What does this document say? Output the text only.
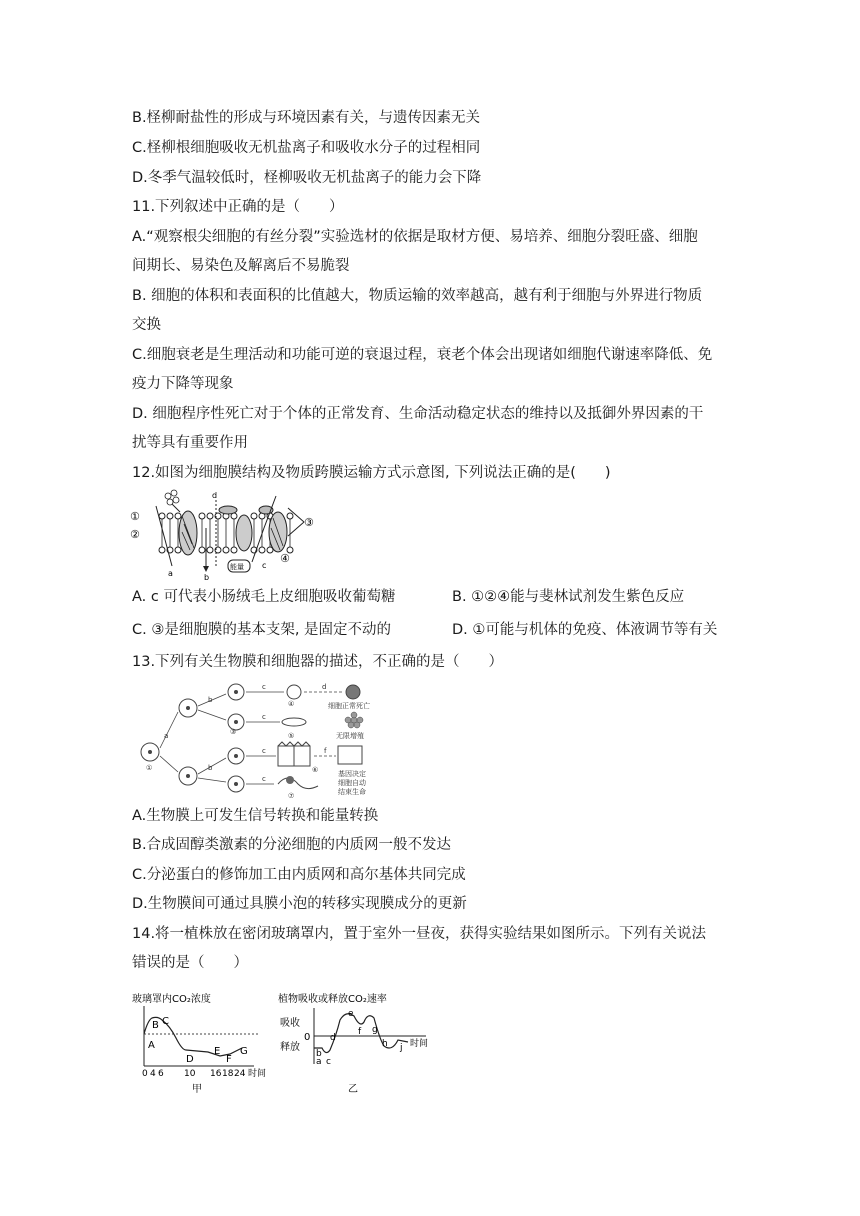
B.柽柳耐盐性的形成与环境因素有关，与遗传因素无关
C.柽柳根细胞吸收无机盐离子和吸收水分子的过程相同
D.冬季气温较低时，柽柳吸收无机盐离子的能力会下降
11.下列叙述中正确的是（　　）
A.“观察根尖细胞的有丝分裂”实验选材的依据是取材方便、易培养、细胞分裂旺盛、细胞
间期长、易染色及解离后不易脆裂
B. 细胞的体积和表面积的比值越大，物质运输的效率越高，越有利于细胞与外界进行物质
交换
C.细胞衰老是生理活动和功能可逆的衰退过程，衰老个体会出现诸如细胞代谢速率降低、免
疫力下降等现象
D. 细胞程序性死亡对于个体的正常发育、生命活动稳定状态的维持以及抵御外界因素的干
扰等具有重要作用
12.如图为细胞膜结构及物质跨膜运输方式示意图, 下列说法正确的是(　　)
①
②
③
④
a	b
c
d
能量
A. c 可代表小肠绒毛上皮细胞吸收葡萄糖	B. ①②④能与斐林试剂发生紫色反应
C. ③是细胞膜的基本支架, 是固定不动的	D. ①可能与机体的免疫、体液调节等有关
13.下列有关生物膜和细胞器的描述，不正确的是（　　）
①
④
⑤
⑥
⑦
③
b
b
a
c
c
c
c
d
f
细胞正常死亡
无限增殖
基因决定
细胞自动
结束生命
A.生物膜上可发生信号转换和能量转换
B.合成固醇类激素的分泌细胞的内质网一般不发达
C.分泌蛋白的修饰加工由内质网和高尔基体共同完成
D.生物膜间可通过具膜小泡的转移实现膜成分的更新
14.将一植株放在密闭玻璃罩内，置于室外一昼夜，获得实验结果如图所示。下列有关说法
错误的是（　　）
玻璃罩内CO₂浓度
A
B C
D
E
F
G
0 4 6 10 16 18 24 时间
甲
植物吸收或释放CO₂速率
吸收
0
释放
b
a c
d
e
f g
h j 时间
乙
